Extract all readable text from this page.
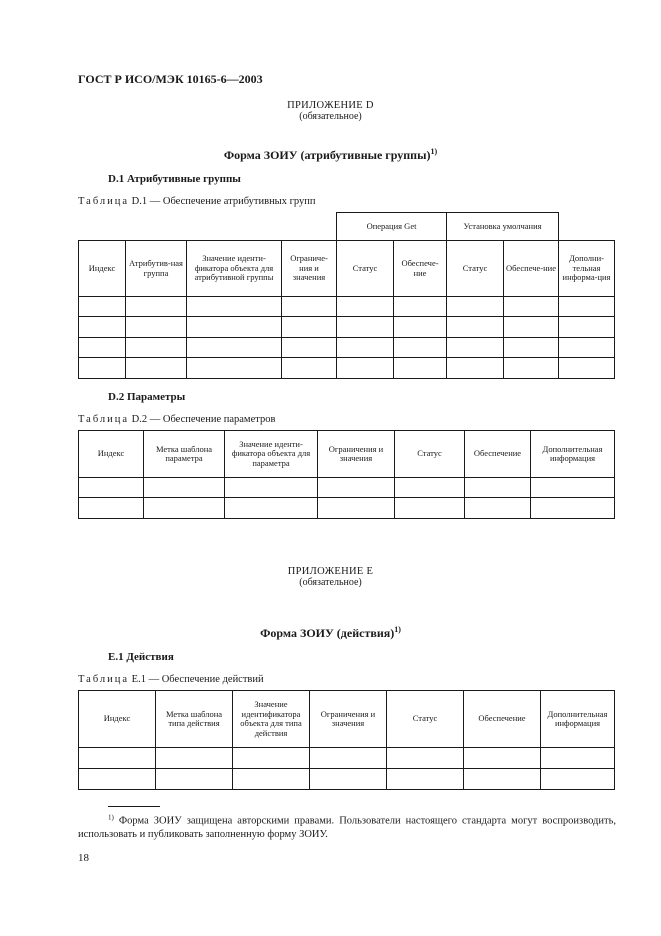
ГОСТ Р ИСО/МЭК 10165-6—2003
ПРИЛОЖЕНИЕ D
(обязательное)
Форма ЗОИУ (атрибутивные группы)$^{1)}$
D.1 Атрибутивные группы
Таблица D.1 — Обеспечение атрибутивных групп
				Операция Get		Установка умолчания		
Индекс	Атрибутив-ная группа	Значение иденти-фикатора объекта для атрибутивной группы	Ограниче-ния и значения	Статус	Обеспече-ние	Статус	Обеспече-ние	Дополни-тельная информа-ция

D.2 Параметры
Таблица D.2 — Обеспечение параметров
Индекс	Метка шаблона параметра	Значение иденти-фикатора объекта для параметра	Ограничения и значения	Статус	Обеспечение	Дополнительная информация

ПРИЛОЖЕНИЕ E
(обязательное)
Форма ЗОИУ (действия)$^{1)}$
E.1 Действия
Таблица E.1 — Обеспечение действий
Индекс	Метка шаблона типа действия	Значение идентификатора объекта для типа действия	Ограничения и значения	Статус	Обеспечение	Дополнительная информация

$^{1)}$ Форма ЗОИУ защищена авторскими правами. Пользователи настоящего стандарта могут воспроизводить, использовать и публиковать заполненную форму ЗОИУ.
18
